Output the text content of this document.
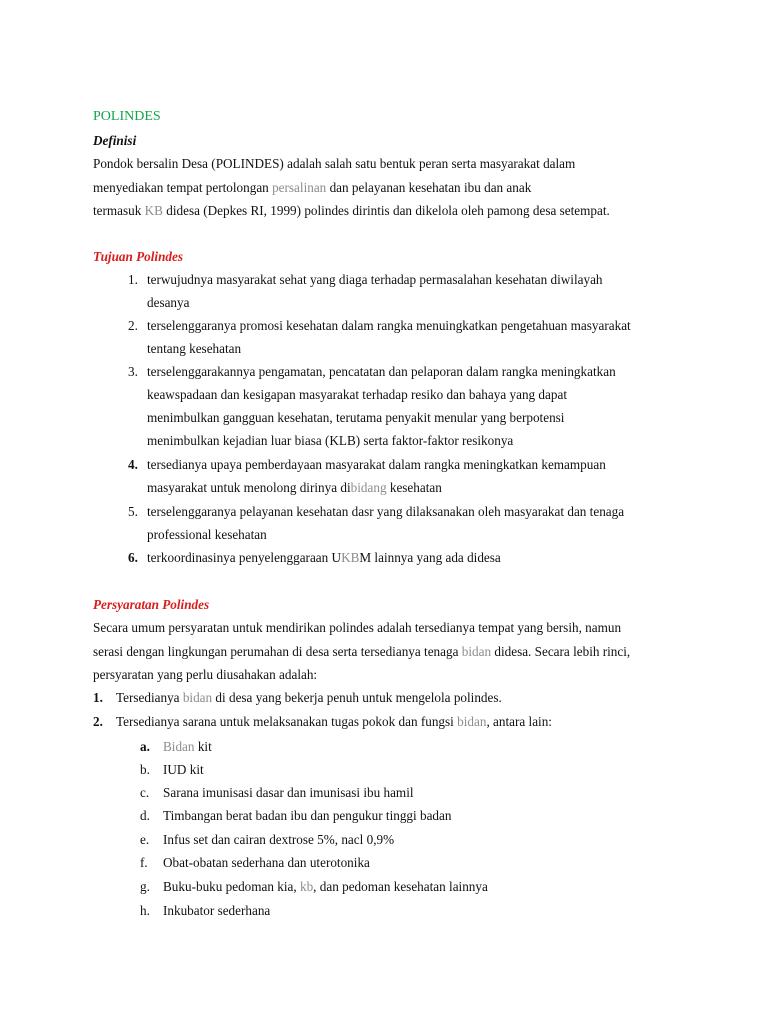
POLINDES
Definisi
Pondok bersalin Desa (POLINDES) adalah salah satu bentuk peran serta masyarakat dalam
menyediakan tempat pertolongan persalinan dan pelayanan kesehatan ibu dan anak
termasuk KB didesa (Depkes RI, 1999) polindes dirintis dan dikelola oleh pamong desa setempat.
Tujuan Polindes
1. terwujudnya masyarakat sehat yang diaga terhadap permasalahan kesehatan diwilayah
desanya
2. terselenggaranya promosi kesehatan dalam rangka menuingkatkan pengetahuan masyarakat
tentang kesehatan
3. terselenggarakannya pengamatan, pencatatan dan pelaporan dalam rangka meningkatkan
keawspadaan dan kesigapan masyarakat terhadap resiko dan bahaya yang dapat
menimbulkan gangguan kesehatan, terutama penyakit menular yang berpotensi
menimbulkan kejadian luar biasa (KLB) serta faktor-faktor resikonya
4. tersedianya upaya pemberdayaan masyarakat dalam rangka meningkatkan kemampuan
masyarakat untuk menolong dirinya dibidang kesehatan
5. terselenggaranya pelayanan kesehatan dasr yang dilaksanakan oleh masyarakat dan tenaga
professional kesehatan
6. terkoordinasinya penyelenggaraan UKBM lainnya yang ada didesa
Persyaratan Polindes
Secara umum persyaratan untuk mendirikan polindes adalah tersedianya tempat yang bersih, namun
serasi dengan lingkungan perumahan di desa serta tersedianya tenaga bidan didesa. Secara lebih rinci,
persyaratan yang perlu diusahakan adalah:
1. Tersedianya bidan di desa yang bekerja penuh untuk mengelola polindes.
2. Tersedianya sarana untuk melaksanakan tugas pokok dan fungsi bidan, antara lain:
a. Bidan kit
b. IUD kit
c. Sarana imunisasi dasar dan imunisasi ibu hamil
d. Timbangan berat badan ibu dan pengukur tinggi badan
e. Infus set dan cairan dextrose 5%, nacl 0,9%
f. Obat-obatan sederhana dan uterotonika
g. Buku-buku pedoman kia, kb, dan pedoman kesehatan lainnya
h. Inkubator sederhana
